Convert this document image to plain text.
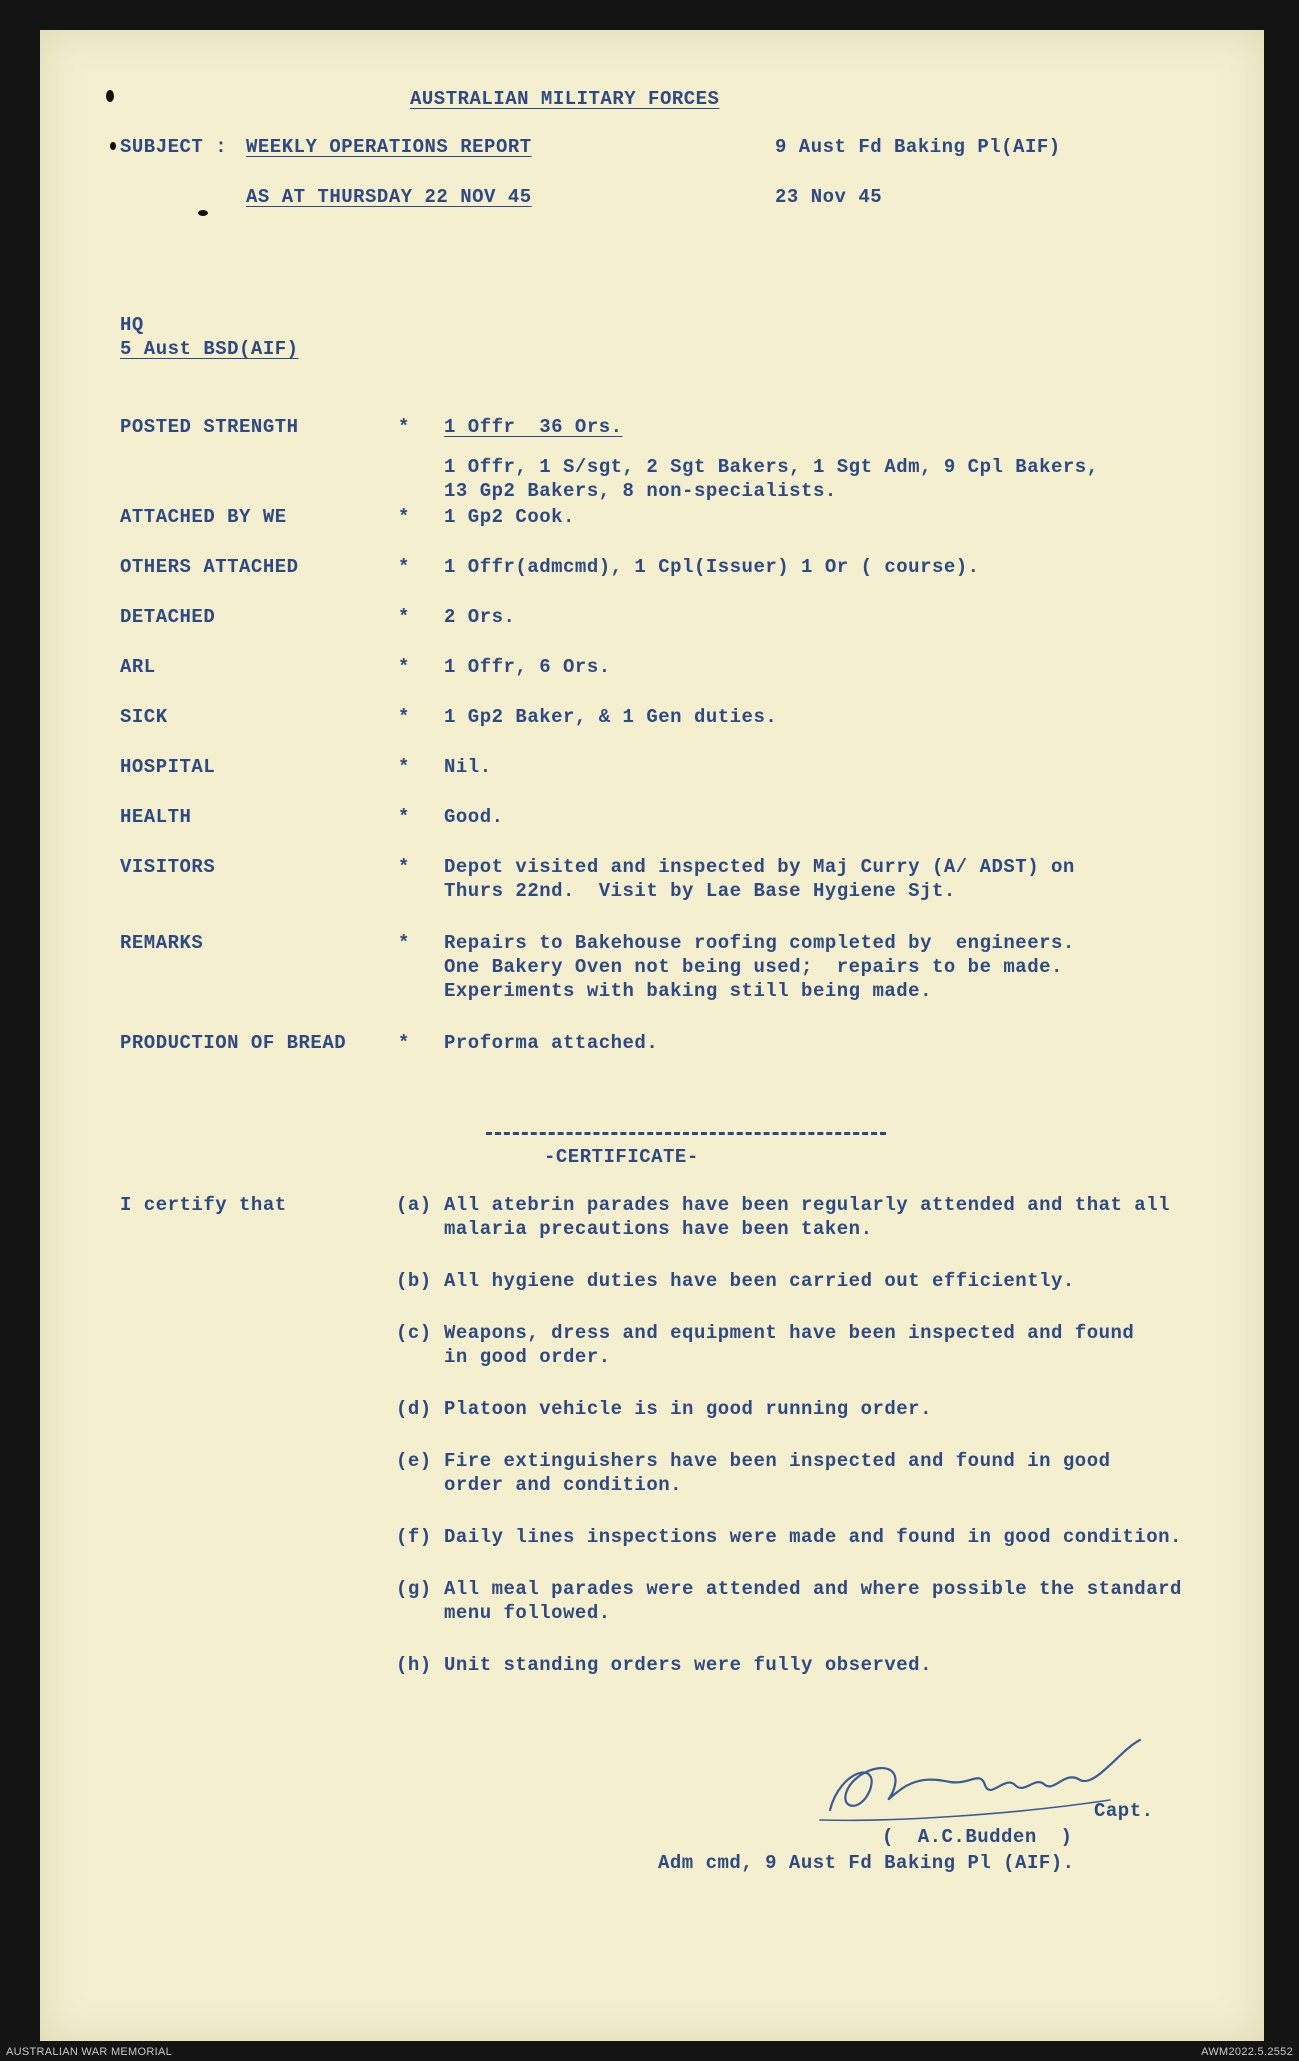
AUSTRALIAN MILITARY FORCES
SUBJECT : WEEKLY OPERATIONS REPORT
AS AT THURSDAY 22 NOV 45
9 Aust Fd Baking Pl(AIF)
23 Nov 45
HQ
5 Aust BSD(AIF)
POSTED STRENGTH	* 1 Offr  36 Ors.
1 Offr, 1 S/sgt, 2 Sgt Bakers, 1 Sgt Adm, 9 Cpl Bakers,
13 Gp2 Bakers, 8 non-specialists.
ATTACHED BY WE	* 1 Gp2 Cook.
OTHERS ATTACHED	* 1 Offr(admcmd), 1 Cpl(Issuer) 1 Or ( course).
DETACHED	* 2 Ors.
ARL	* 1 Offr, 6 Ors.
SICK	* 1 Gp2 Baker, & 1 Gen duties.
HOSPITAL	* Nil.
HEALTH	* Good.
VISITORS	* Depot visited and inspected by Maj Curry (A/ ADST) on
Thurs 22nd.  Visit by Lae Base Hygiene Sjt.
REMARKS	* Repairs to Bakehouse roofing completed by  engineers.
One Bakery Oven not being used;  repairs to be made.
Experiments with baking still being made.
PRODUCTION OF BREAD	* Proforma attached.
-CERTIFICATE-
I certify that	(a) All atebrin parades have been regularly attended and that all
malaria precautions have been taken.
(b) All hygiene duties have been carried out efficiently.
(c) Weapons, dress and equipment have been inspected and found
in good order.
(d) Platoon vehicle is in good running order.
(e) Fire extinguishers have been inspected and found in good
order and condition.
(f) Daily lines inspections were made and found in good condition.
(g) All meal parades were attended and where possible the standard
menu followed.
(h) Unit standing orders were fully observed.
Capt.
(  A.C.Budden  )
Adm cmd, 9 Aust Fd Baking Pl (AIF).
AUSTRALIAN WAR MEMORIAL	AWM2022.5.2552
